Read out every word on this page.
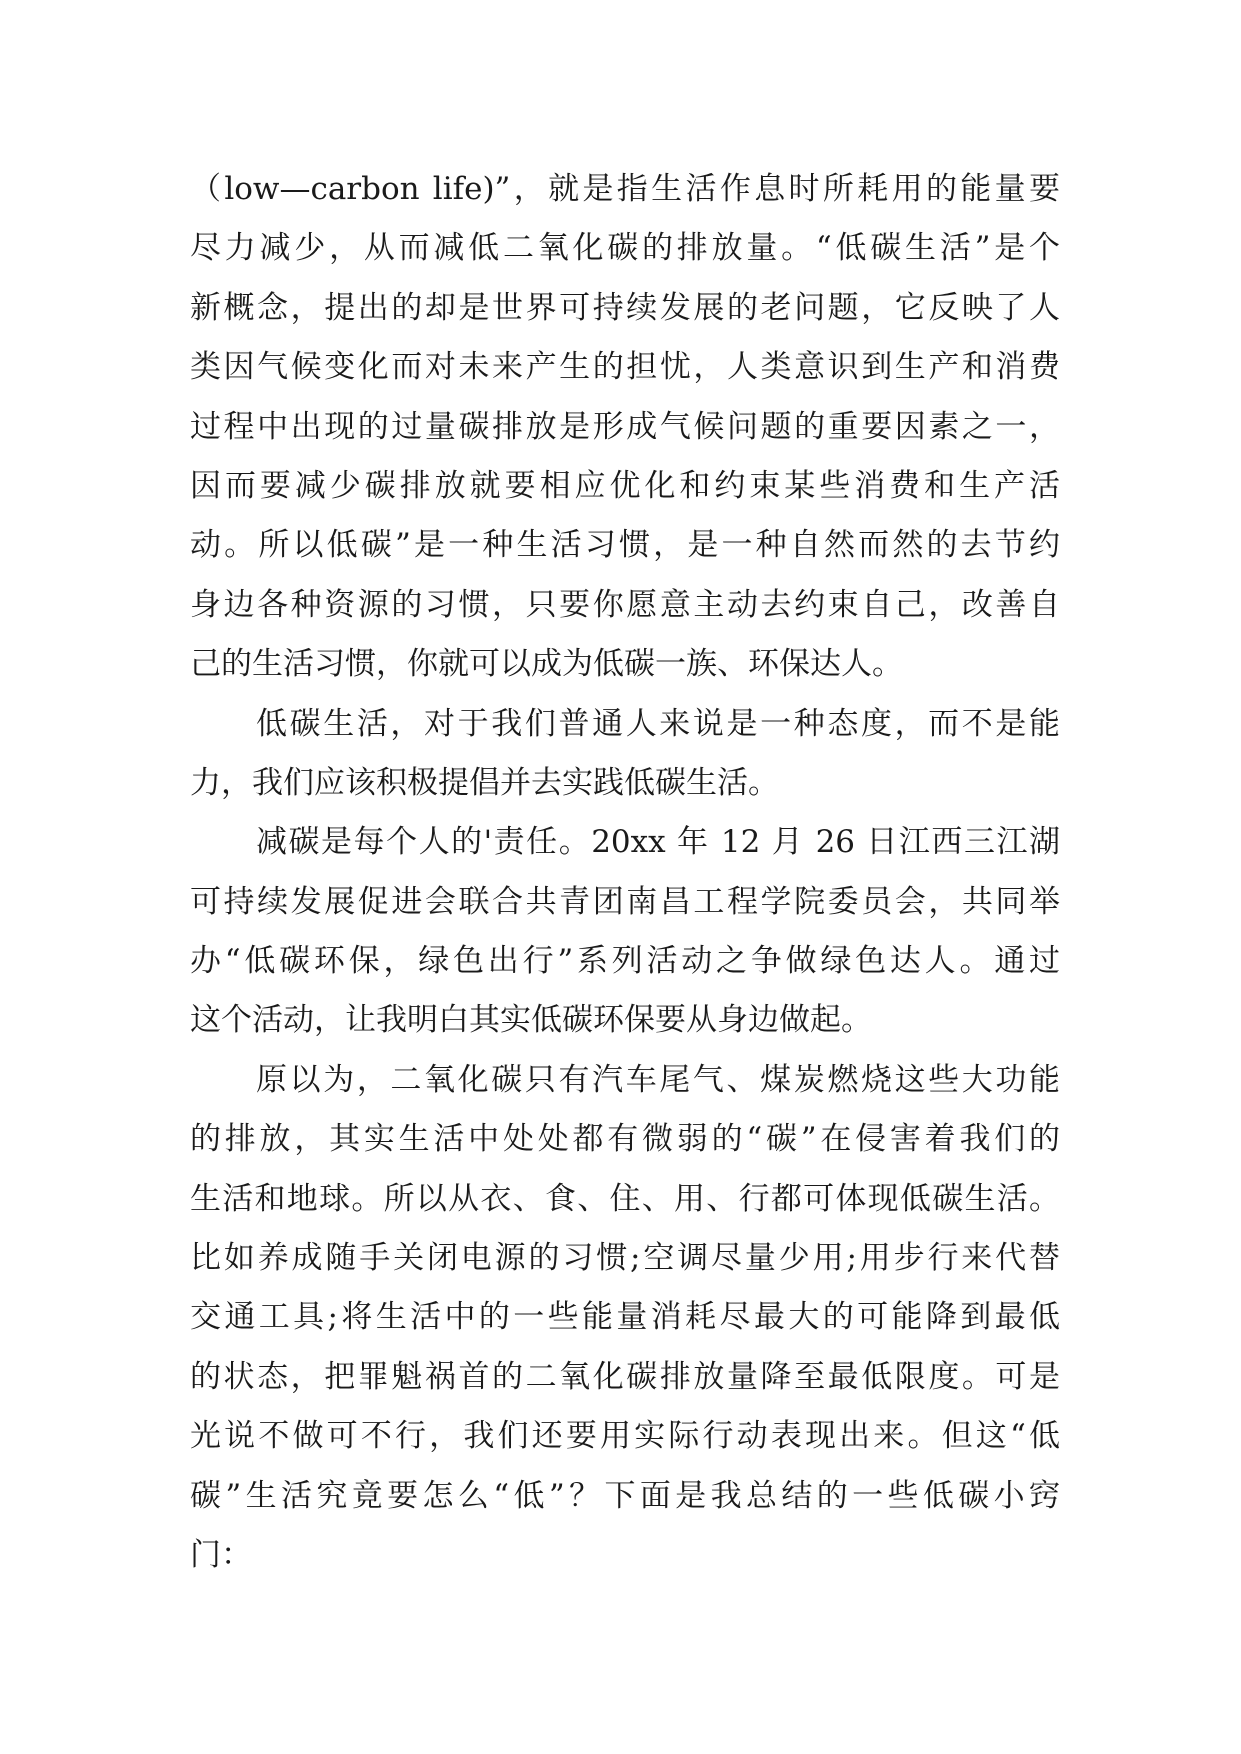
（low—carbon life)”，就是指生活作息时所耗用的能量要
尽力减少，从而减低二氧化碳的排放量。“低碳生活”是个
新概念，提出的却是世界可持续发展的老问题，它反映了人
类因气候变化而对未来产生的担忧，人类意识到生产和消费
过程中出现的过量碳排放是形成气候问题的重要因素之一，
因而要减少碳排放就要相应优化和约束某些消费和生产活
动。所以低碳”是一种生活习惯，是一种自然而然的去节约
身边各种资源的习惯，只要你愿意主动去约束自己，改善自
己的生活习惯，你就可以成为低碳一族、环保达人。
低碳生活，对于我们普通人来说是一种态度，而不是能
力，我们应该积极提倡并去实践低碳生活。
减碳是每个人的'责任。20xx 年 12 月 26 日江西三江湖
可持续发展促进会联合共青团南昌工程学院委员会，共同举
办“低碳环保，绿色出行”系列活动之争做绿色达人。通过
这个活动，让我明白其实低碳环保要从身边做起。
原以为，二氧化碳只有汽车尾气、煤炭燃烧这些大功能
的排放，其实生活中处处都有微弱的“碳”在侵害着我们的
生活和地球。所以从衣、食、住、用、行都可体现低碳生活。
比如养成随手关闭电源的习惯;空调尽量少用;用步行来代替
交通工具;将生活中的一些能量消耗尽最大的可能降到最低
的状态，把罪魁祸首的二氧化碳排放量降至最低限度。可是
光说不做可不行，我们还要用实际行动表现出来。但这“低
碳”生活究竟要怎么“低”？下面是我总结的一些低碳小窍
门：
